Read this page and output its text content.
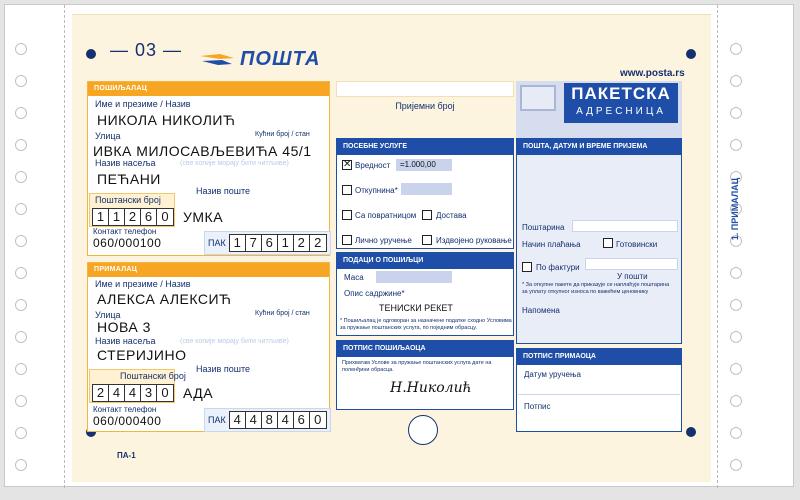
— 03 —	ПОШТА
www.posta.rs
ПОШИЉАЛАЦ
Име и презиме / Назив
НИКОЛА НИКОЛИЋ
Улица	Кућни број / стан
ИВКА МИЛОСАВЉЕВИЋА 45/1
Назив насеља	(све копије морају бити читљиве)
ПЕЋАНИ
Назив поште
Поштански број
1 1 2 6 0	УМКА
Контакт телефон
060/000100	ПАК 1 7 6 1 2 2
ПРИМАЛАЦ
Име и презиме / Назив
АЛЕКСА АЛЕКСИЋ
Улица	Кућни број / стан
НОВА 3
Назив насеља	(све копије морају бити читљиве)
СТЕРИЈИНО
Назив поште
Поштански број
2 4 4 3 0	АДА
Контакт телефон
060/000400	ПАК 4 4 8 4 6 0
Пријемни број
ПОСЕБНЕ УСЛУГЕ
✕ Вредност	=1.000,00
Откупнина*
Са повратницом Достава
Лично уручење	Издвојено руковање
ПОДАЦИ О ПОШИЉЦИ
Маса
Опис садржине*
ТЕНИСКИ РЕКЕТ
* Пошиљалац је одговоран за назначене податке сходно Условима за пружање поштанских услуга, по поједним обрасцу.
ПОТПИС ПОШИЉАОЦА
Прихватам Услове за пружање поштанских услуга дате на поленђини обрасца.
Н.Николић
ПАКЕТСКА
АДРЕСНИЦА
ПОШТА, ДАТУМ И ВРЕМЕ ПРИЈЕМА
Поштарина
Начин плаћања	Готовински
По фактури
У пошти
* За откупне пакете да приказује се наплаћује поштарина за уплату откупног износа по важећем ценовнику
Напомена
ПОТПИС ПРИМАОЦА
Датум уручења
Потпис
1. ПРИМАЛАЦ
ПА-1
